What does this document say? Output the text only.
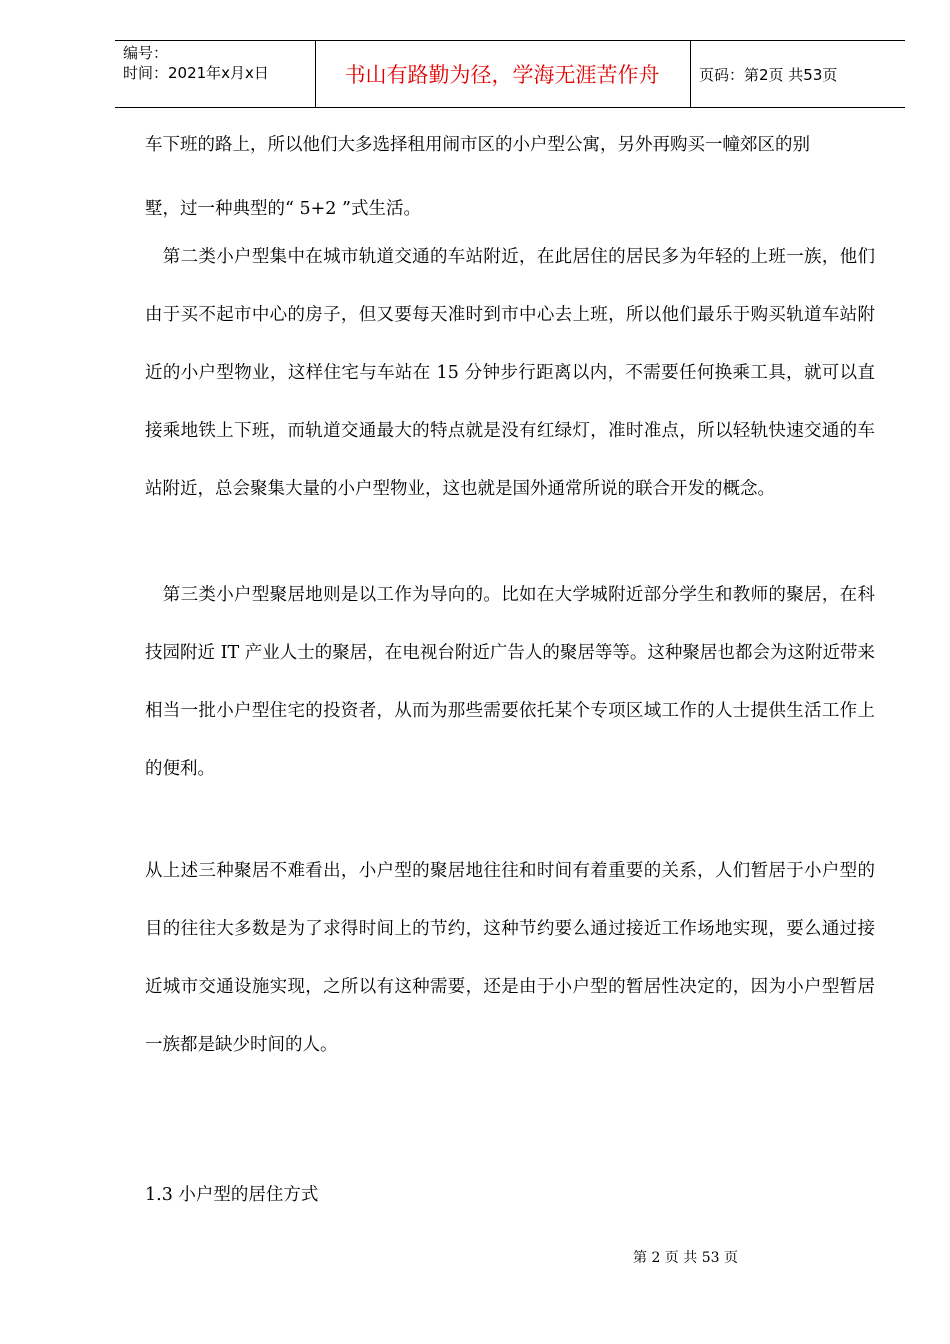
编号：
时间：2021年x月x日	书山有路勤为径，学海无涯苦作舟	页码：第2页 共53页
车下班的路上，所以他们大多选择租用闹市区的小户型公寓，另外再购买一幢郊区的别
墅，过一种典型的“ 5+2 ”式生活。

　第二类小户型集中在城市轨道交通的车站附近，在此居住的居民多为年轻的上班一族，他们由于买不起市中心的房子，但又要每天准时到市中心去上班，所以他们最乐于购买轨道车站附近的小户型物业，这样住宅与车站在 15 分钟步行距离以内，不需要任何换乘工具，就可以直接乘地铁上下班，而轨道交通最大的特点就是没有红绿灯，准时准点，所以轻轨快速交通的车站附近，总会聚集大量的小户型物业，这也就是国外通常所说的联合开发的概念。

　第三类小户型聚居地则是以工作为导向的。比如在大学城附近部分学生和教师的聚居，在科技园附近 IT 产业人士的聚居，在电视台附近广告人的聚居等等。这种聚居也都会为这附近带来相当一批小户型住宅的投资者，从而为那些需要依托某个专项区域工作的人士提供生活工作上的便利。

从上述三种聚居不难看出，小户型的聚居地往往和时间有着重要的关系，人们暂居于小户型的目的往往大多数是为了求得时间上的节约，这种节约要么通过接近工作场地实现，要么通过接近城市交通设施实现，之所以有这种需要，还是由于小户型的暂居性决定的，因为小户型暂居一族都是缺少时间的人。

1.3 小户型的居住方式
第 2 页 共 53 页
